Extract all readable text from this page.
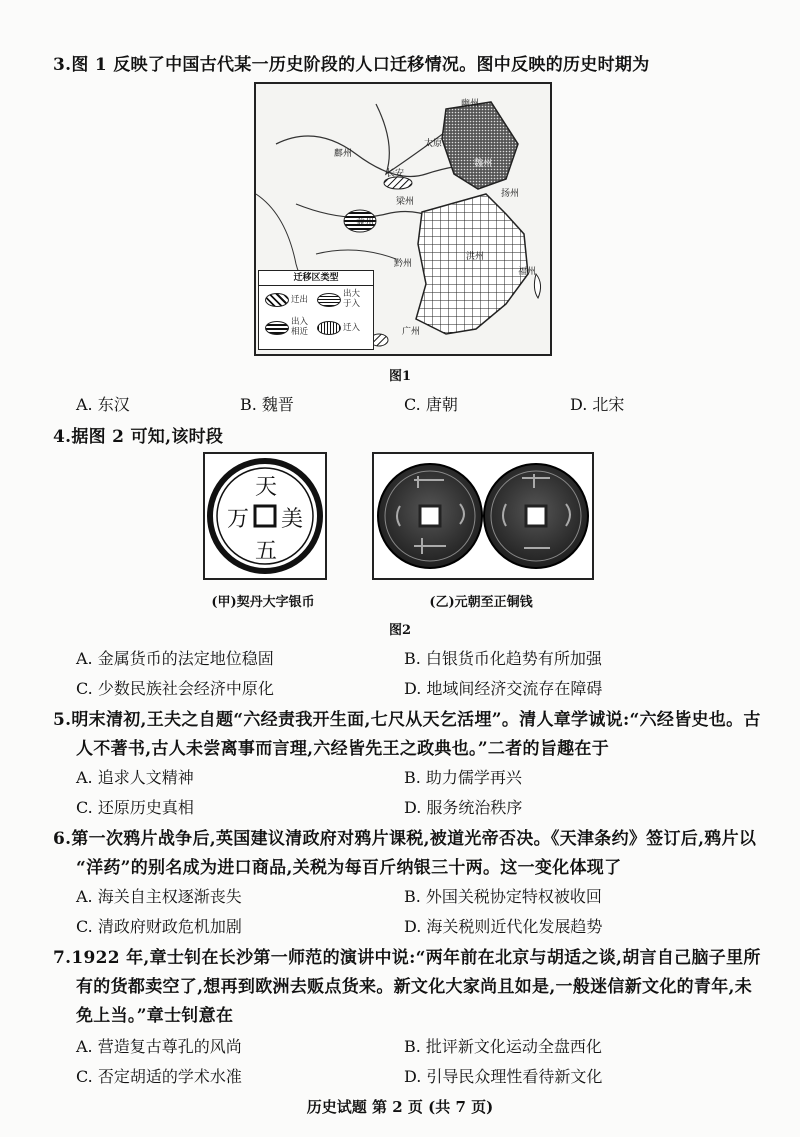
3.图 1 反映了中国古代某一历史阶段的人口迁移情况。图中反映的历史时期为
幽州
太原
鄜州
长安
梁州
益州
黔州
扬州
洪州
福州
广州
魏州
迁移区类型
迁出
出大于入
出入相近	迁入
图1
A. 东汉	B. 魏晋	C. 唐朝	D. 北宋
4.据图 2 可知,该时段
天
万 美
五
(甲)契丹大字银币	(乙)元朝至正铜钱
图2
A. 金属货币的法定地位稳固	B. 白银货币化趋势有所加强
C. 少数民族社会经济中原化	D. 地域间经济交流存在障碍
5.明末清初,王夫之自题“六经责我开生面,七尺从天乞活埋”。清人章学诚说:“六经皆史也。古
人不著书,古人未尝离事而言理,六经皆先王之政典也。”二者的旨趣在于
A. 追求人文精神	B. 助力儒学再兴
C. 还原历史真相	D. 服务统治秩序
6.第一次鸦片战争后,英国建议清政府对鸦片课税,被道光帝否决。《天津条约》签订后,鸦片以
“洋药”的别名成为进口商品,关税为每百斤纳银三十两。这一变化体现了
A. 海关自主权逐渐丧失	B. 外国关税协定特权被收回
C. 清政府财政危机加剧	D. 海关税则近代化发展趋势
7.1922 年,章士钊在长沙第一师范的演讲中说:“两年前在北京与胡适之谈,胡言自己脑子里所
有的货都卖空了,想再到欧洲去贩点货来。新文化大家尚且如是,一般迷信新文化的青年,未
免上当。”章士钊意在
A. 营造复古尊孔的风尚	B. 批评新文化运动全盘西化
C. 否定胡适的学术水准	D. 引导民众理性看待新文化
历史试题 第 2 页 (共 7 页)
